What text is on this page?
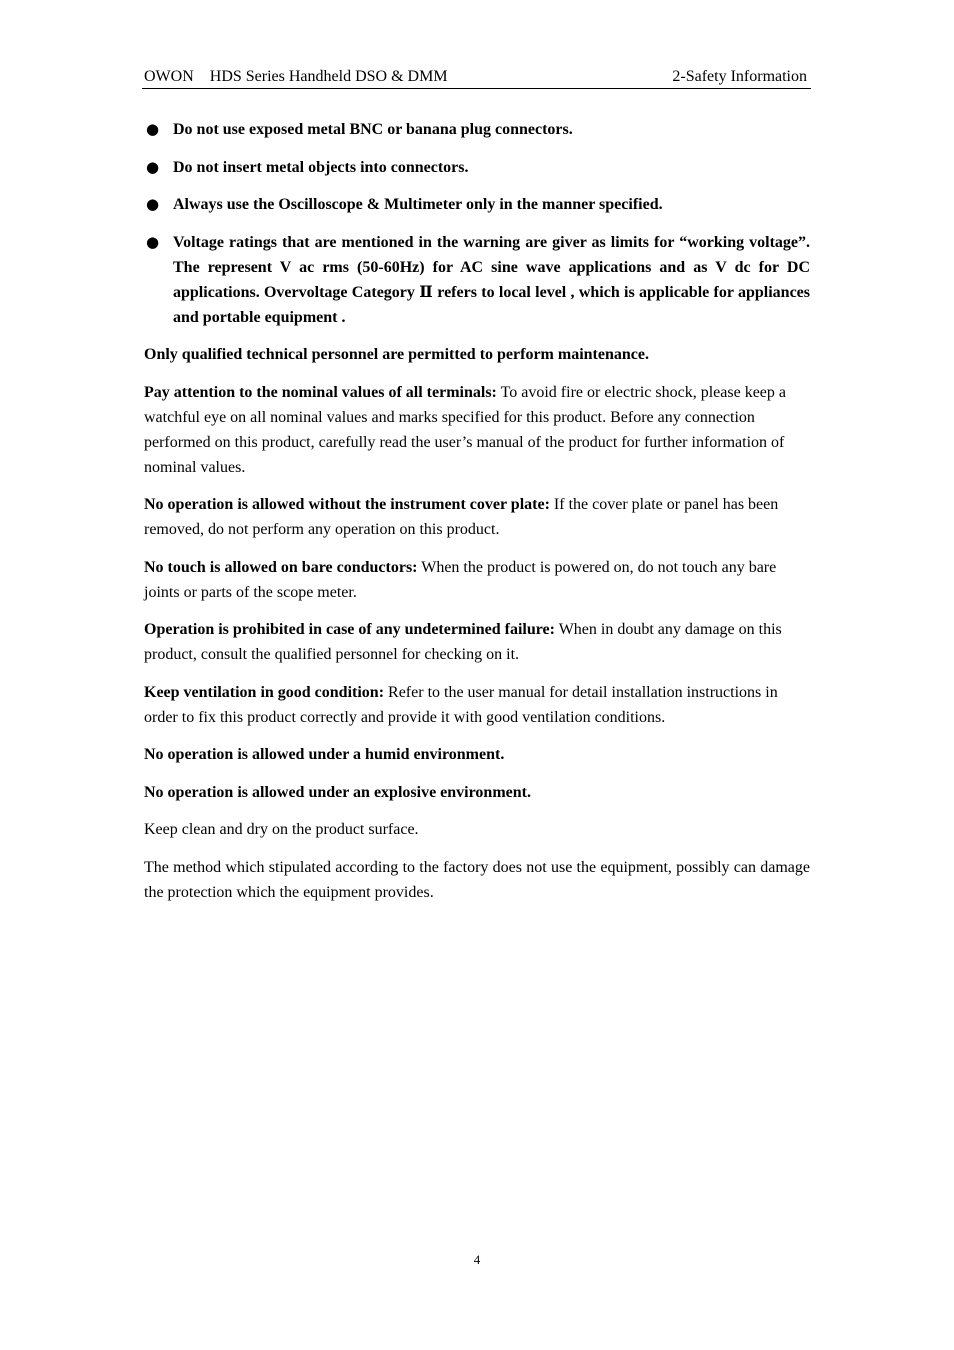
OWON    HDS Series Handheld DSO & DMM	2-Safety Information
● Do not use exposed metal BNC or banana plug connectors.
● Do not insert metal objects into connectors.
● Always use the Oscilloscope & Multimeter only in the manner specified.
● Voltage ratings that are mentioned in the warning are giver as limits for “working voltage”. The represent V ac rms (50-60Hz) for AC sine wave applications and as V dc for DC applications. Overvoltage Category Ⅱ refers to local level , which is applicable for appliances and portable equipment .

Only qualified technical personnel are permitted to perform maintenance.

Pay attention to the nominal values of all terminals: To avoid fire or electric shock, please keep a watchful eye on all nominal values and marks specified for this product. Before any connection performed on this product, carefully read the user’s manual of the product for further information of nominal values.

No operation is allowed without the instrument cover plate: If the cover plate or panel has been removed, do not perform any operation on this product.

No touch is allowed on bare conductors: When the product is powered on, do not touch any bare joints or parts of the scope meter.

Operation is prohibited in case of any undetermined failure: When in doubt any damage on this product, consult the qualified personnel for checking on it.

Keep ventilation in good condition: Refer to the user manual for detail installation instructions in order to fix this product correctly and provide it with good ventilation conditions.

No operation is allowed under a humid environment.

No operation is allowed under an explosive environment.

Keep clean and dry on the product surface.

The method which stipulated according to the factory does not use the equipment, possibly can damage the protection which the equipment provides.

4
